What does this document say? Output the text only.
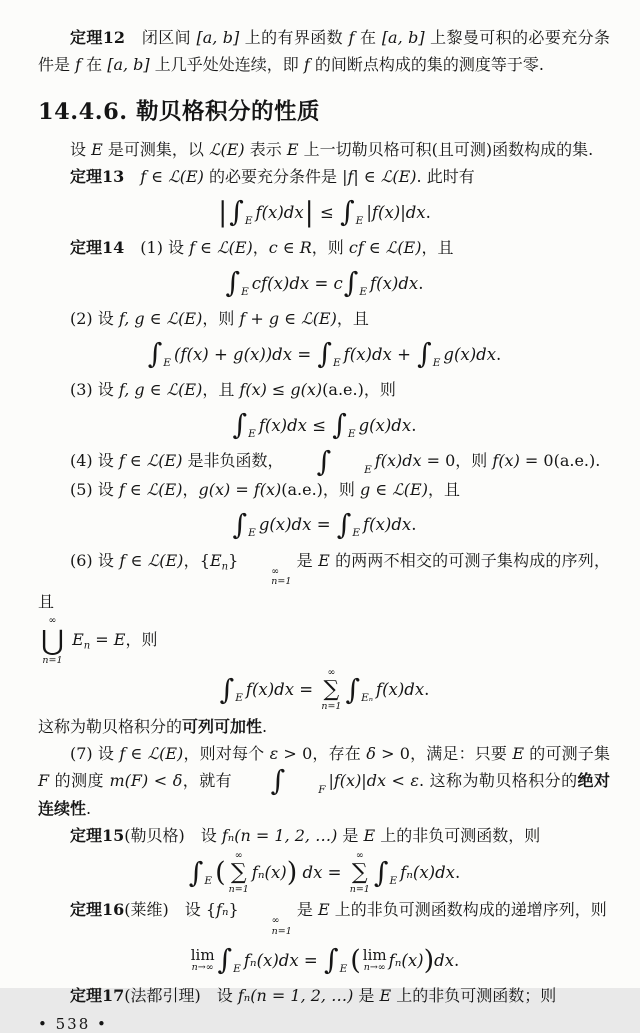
定理12　闭区间 [a, b] 上的有界函数 f 在 [a, b] 上黎曼可积的必要充分条件是 f 在 [a, b] 上几乎处处连续，即 f 的间断点构成的集的测度等于零.
14.4.6. 勒贝格积分的性质
设 E 是可测集，以 ℒ(E) 表示 E 上一切勒贝格可积(且可测)函数构成的集.
定理13　 f ∈ ℒ(E) 的必要充分条件是 |f| ∈ ℒ(E). 此时有
| ∫ E f(x)dx | ≤ ∫ E |f(x)|dx .
定理14　(1) 设 f ∈ ℒ(E)，c ∈ R，则 cf ∈ ℒ(E)，且
∫ E cf(x)dx = c ∫ E f(x)dx .
(2) 设 f, g ∈ ℒ(E)，则 f + g ∈ ℒ(E)，且
∫ E (f(x) + g(x))dx = ∫ E f(x)dx + ∫ E g(x)dx .
(3) 设 f, g ∈ ℒ(E)，且 f(x) ≤ g(x)(a.e.)，则
∫ E f(x)dx ≤ ∫ E g(x)dx .
(4) 设 f ∈ ℒ(E) 是非负函数，	∫	E f(x)dx = 0，则 f(x) = 0(a.e.).
(5) 设 f ∈ ℒ(E)，g(x) = f(x)(a.e.)，则 g ∈ ℒ(E)，且
∫ E g(x)dx = ∫ E f(x)dx .
(6) 设 f ∈ ℒ(E)，$\{E_n\}$
∞
n=1
是 E 的两两不相交的可测子集构成的序列，且
∞
⋃
n=1
$E_n = E$，则
∫ E f(x)dx =
∞
∑
n=1
∫ Eₙ f(x)dx .
这称为勒贝格积分的可列可加性.
(7) 设 f ∈ ℒ(E)，则对每个 ε > 0，存在 δ > 0，满足：只要 E 的可测子集 F 的测度 m(F) < δ，就有	∫	F |f(x)|dx < ε. 这称为勒贝格积分的绝对连续性.
定理15(勒贝格)　设 fₙ(n = 1, 2, …) 是 E 上的非负可测函数，则
∫ E (
∞
∑
n=1
fₙ(x) ) dx =
∞
∑
n=1
∫ E fₙ(x)dx .
定理16(莱维)　设 {fₙ}
∞
n=1
是 E 上的非负可测函数构成的递增序列，则
lim
n→∞ ∫ E fₙ(x)dx = ∫ E ( lim
n→∞ fₙ(x) ) dx .
定理17(法都引理)　设 fₙ(n = 1, 2, …) 是 E 上的非负可测函数；则
• 538 •
